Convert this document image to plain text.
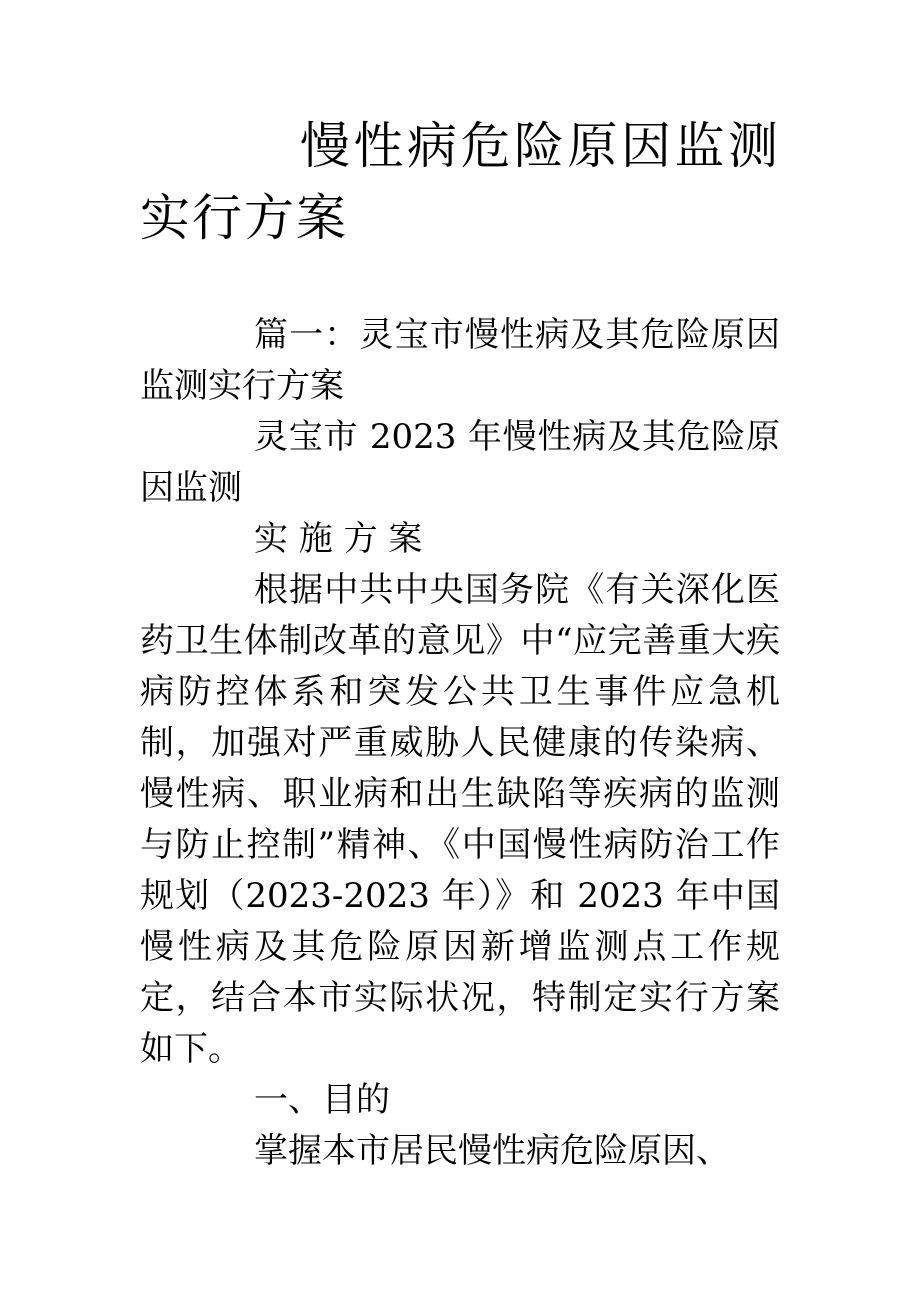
慢性病危险原因监测实行方案

篇一：灵宝市慢性病及其危险原因监测实行方案

灵宝市 2023 年慢性病及其危险原因监测

实 施 方 案

根据中共中央国务院《有关深化医药卫生体制改革的意见》中“应完善重大疾病防控体系和突发公共卫生事件应急机制，加强对严重威胁人民健康的传染病、慢性病、职业病和出生缺陷等疾病的监测与防止控制”精神、《中国慢性病防治工作规划（2023-2023 年）》和 2023 年中国慢性病及其危险原因新增监测点工作规定，结合本市实际状况，特制定实行方案如下。

一、目的

掌握本市居民慢性病危险原因、
